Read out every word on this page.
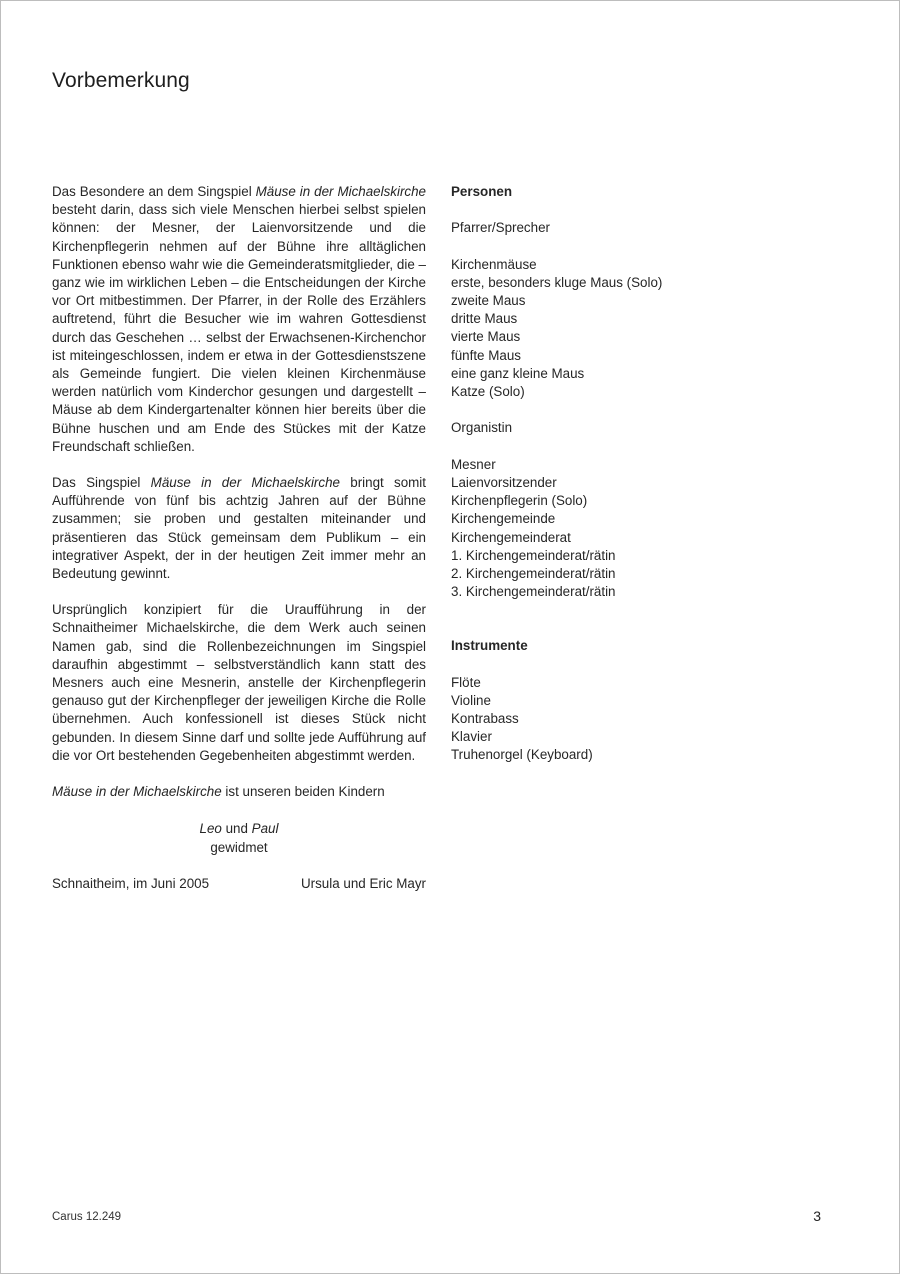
Vorbemerkung

Das Besondere an dem Singspiel Mäuse in der Michaelskirche besteht darin, dass sich viele Menschen hierbei selbst spielen können: der Mesner, der Laienvorsitzende und die Kirchenpflegerin nehmen auf der Bühne ihre alltäglichen Funktionen ebenso wahr wie die Gemeinderatsmitglieder, die – ganz wie im wirklichen Leben – die Entscheidungen der Kirche vor Ort mitbestimmen. Der Pfarrer, in der Rolle des Erzählers auftretend, führt die Besucher wie im wahren Gottesdienst durch das Geschehen … selbst der Erwachsenen-Kirchenchor ist miteingeschlossen, indem er etwa in der Gottesdienstszene als Gemeinde fungiert. Die vielen kleinen Kirchenmäuse werden natürlich vom Kinderchor gesungen und dargestellt – Mäuse ab dem Kindergartenalter können hier bereits über die Bühne huschen und am Ende des Stückes mit der Katze Freundschaft schließen.

Das Singspiel Mäuse in der Michaelskirche bringt somit Aufführende von fünf bis achtzig Jahren auf der Bühne zusammen; sie proben und gestalten miteinander und präsentieren das Stück gemeinsam dem Publikum – ein integrativer Aspekt, der in der heutigen Zeit immer mehr an Bedeutung gewinnt.

Ursprünglich konzipiert für die Uraufführung in der Schnaitheimer Michaelskirche, die dem Werk auch seinen Namen gab, sind die Rollenbezeichnungen im Singspiel daraufhin abgestimmt – selbstverständlich kann statt des Mesners auch eine Mesnerin, anstelle der Kirchenpflegerin genauso gut der Kirchenpfleger der jeweiligen Kirche die Rolle übernehmen. Auch konfessionell ist dieses Stück nicht gebunden. In diesem Sinne darf und sollte jede Aufführung auf die vor Ort bestehenden Gegebenheiten abgestimmt werden.

Mäuse in der Michaelskirche ist unseren beiden Kindern

Leo und Paul
gewidmet
Schnaitheim, im Juni 2005	Ursula und Eric Mayr
Personen
Pfarrer/Sprecher
Kirchenmäuse
erste, besonders kluge Maus (Solo)
zweite Maus
dritte Maus
vierte Maus
fünfte Maus
eine ganz kleine Maus
Katze (Solo)
Organistin
Mesner
Laienvorsitzender
Kirchenpflegerin (Solo)
Kirchengemeinde
Kirchengemeinderat
1. Kirchengemeinderat/rätin
2. Kirchengemeinderat/rätin
3. Kirchengemeinderat/rätin
Instrumente
Flöte
Violine
Kontrabass
Klavier
Truhenorgel (Keyboard)
Carus 12.249	3
